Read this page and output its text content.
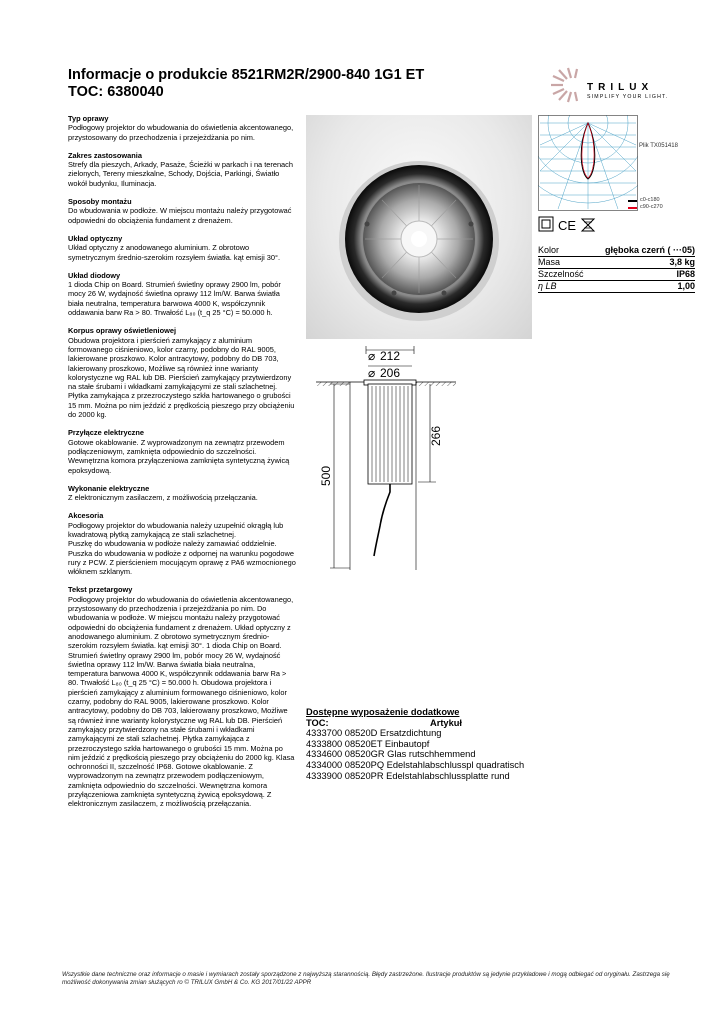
Informacje o produkcie 8521RM2R/2900-840 1G1 ET
TOC: 6380040	TRILUX
SIMPLIFY YOUR LIGHT.
Typ oprawy

Podłogowy projektor do wbudowania do oświetlenia akcentowanego, przystosowany do przechodzenia i przejeżdżania po nim.

Zakres zastosowania

Strefy dla pieszych, Arkady, Pasaże, Ścieżki w parkach i na terenach zielonych, Tereny mieszkalne, Schody, Dojścia, Parkingi, Światło wokół budynku, Iluminacja.

Sposoby montażu

Do wbudowania w podłoże. W miejscu montażu należy przygotować odpowiedni do obciążenia fundament z drenażem.

Układ optyczny

Układ optyczny z anodowanego aluminium. Z obrotowo symetrycznym średnio-szerokim rozsyłem światła. kąt emisji 30°.

Układ diodowy

1 dioda Chip on Board. Strumień świetlny oprawy 2900 lm, pobór mocy 26 W, wydajność świetlna oprawy 112 lm/W. Barwa światła biała neutralna, temperatura barwowa 4000 K, współczynnik oddawania barw Ra > 80. Trwałość L₈₀ (t_q 25 °C) = 50.000 h.

Korpus oprawy oświetleniowej

Obudowa projektora i pierścień zamykający z aluminium formowanego ciśnieniowo, kolor czarny, podobny do RAL 9005, lakierowane proszkowo. Kolor antracytowy, podobny do DB 703, lakierowany proszkowo, Możliwe są również inne warianty kolorystyczne wg RAL lub DB. Pierścień zamykający przytwierdzony na stałe śrubami i wkładkami zamykającymi ze stali szlachetnej. Płytka zamykająca z przezroczystego szkła hartowanego o grubości 15 mm. Można po nim jeździć z prędkością pieszego przy obciążeniu do 2000 kg.

Przyłącze elektryczne

Gotowe okablowanie. Z wyprowadzonym na zewnątrz przewodem podłączeniowym, zamknięta odpowiednio do szczelności. Wewnętrzna komora przyłączeniowa zamknięta syntetyczną żywicą epoksydową.

Wykonanie elektryczne

Z elektronicznym zasilaczem, z możliwością przełączania.

Akcesoria

Podłogowy projektor do wbudowania należy uzupełnić okrągłą lub kwadratową płytką zamykającą ze stali szlachetnej.
Puszkę do wbudowania w podłoże należy zamawiać oddzielnie. Puszka do wbudowania w podłoże z odpornej na warunku pogodowe rury z PCW. Z pierścieniem mocującym oprawę z PA6 wzmocnionego włóknem szklanym.

Tekst przetargowy

Podłogowy projektor do wbudowania do oświetlenia akcentowanego, przystosowany do przechodzenia i przejeżdżania po nim. Do wbudowania w podłoże. W miejscu montażu należy przygotować odpowiedni do obciążenia fundament z drenażem. Układ optyczny z anodowanego aluminium. Z obrotowo symetrycznym średnio-szerokim rozsyłem światła. kąt emisji 30°. 1 dioda Chip on Board. Strumień świetlny oprawy 2900 lm, pobór mocy 26 W, wydajność świetlna oprawy 112 lm/W. Barwa światła biała neutralna, temperatura barwowa 4000 K, współczynnik oddawania barw Ra > 80. Trwałość L₈₀ (t_q 25 °C) = 50.000 h. Obudowa projektora i pierścień zamykający z aluminium formowanego ciśnieniowo, kolor czarny, podobny do RAL 9005, lakierowane proszkowo. Kolor antracytowy, podobny do DB 703, lakierowany proszkowo, Możliwe są również inne warianty kolorystyczne wg RAL lub DB. Pierścień zamykający przytwierdzony na stałe śrubami i wkładkami zamykającymi ze stali szlachetnej. Płytka zamykająca z przezroczystego szkła hartowanego o grubości 15 mm. Można po nim jeździć z prędkością pieszego przy obciążeniu do 2000 kg. Klasa ochronności II, szczelność IP68. Gotowe okablowanie. Z wyprowadzonym na zewnątrz przewodem podłączeniowym, zamknięta odpowiednio do szczelności. Wewnętrzna komora przyłączeniowa zamknięta syntetyczną żywicą epoksydową. Z elektronicznym zasilaczem, z możliwością przełączania.

Plik TX051418
c0-c180
c90-c270
CE
Kolor	głęboka czerń ( ···05)
Masa	3,8 kg
Szczelność	IP68
η LB	1,00
⌀ 212
⌀ 206
500
266
Dostępne wyposażenie dodatkowe
TOC:	Artykuł
4333700 08520D Ersatzdichtung
4333800 08520ET Einbautopf
4334600 08520GR Glas rutschhemmend
4334000 08520PQ Edelstahlabschlusspl quadratisch
4333900 08520PR Edelstahlabschlussplatte rund
Wszystkie dane techniczne oraz informacje o masie i wymiarach zostały sporządzone z najwyższą starannością. Błędy zastrzeżone. Ilustracje produktów są jedynie przykładowe i mogą odbiegać od oryginału. Zastrzega się możliwość dokonywania zmian służących ro © TRILUX GmbH & Co. KG 2017/01/22 APPR
